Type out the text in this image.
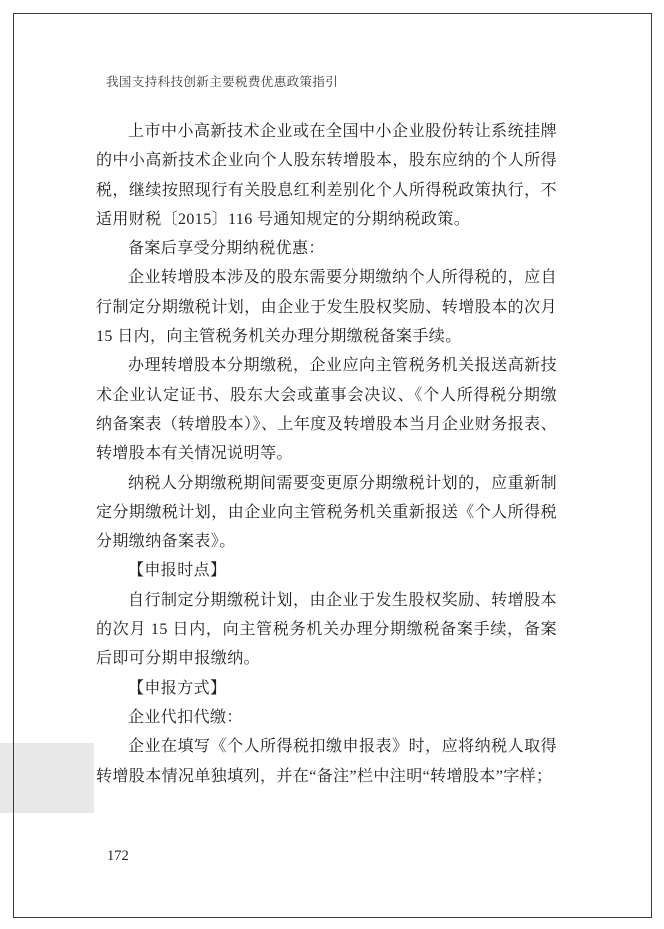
我国支持科技创新主要税费优惠政策指引

上市中小高新技术企业或在全国中小企业股份转让系统挂牌的中小高新技术企业向个人股东转增股本，股东应纳的个人所得税，继续按照现行有关股息红利差别化个人所得税政策执行，不适用财税〔2015〕116 号通知规定的分期纳税政策。

备案后享受分期纳税优惠：

企业转增股本涉及的股东需要分期缴纳个人所得税的，应自行制定分期缴税计划，由企业于发生股权奖励、转增股本的次月 15 日内，向主管税务机关办理分期缴税备案手续。

办理转增股本分期缴税，企业应向主管税务机关报送高新技术企业认定证书、股东大会或董事会决议、《个人所得税分期缴纳备案表（转增股本）》、上年度及转增股本当月企业财务报表、转增股本有关情况说明等。

纳税人分期缴税期间需要变更原分期缴税计划的，应重新制定分期缴税计划，由企业向主管税务机关重新报送《个人所得税分期缴纳备案表》。

【申报时点】

自行制定分期缴税计划，由企业于发生股权奖励、转增股本的次月 15 日内，向主管税务机关办理分期缴税备案手续，备案后即可分期申报缴纳。

【申报方式】

企业代扣代缴：

企业在填写《个人所得税扣缴申报表》时，应将纳税人取得转增股本情况单独填列，并在“备注”栏中注明“转增股本”字样；

172
